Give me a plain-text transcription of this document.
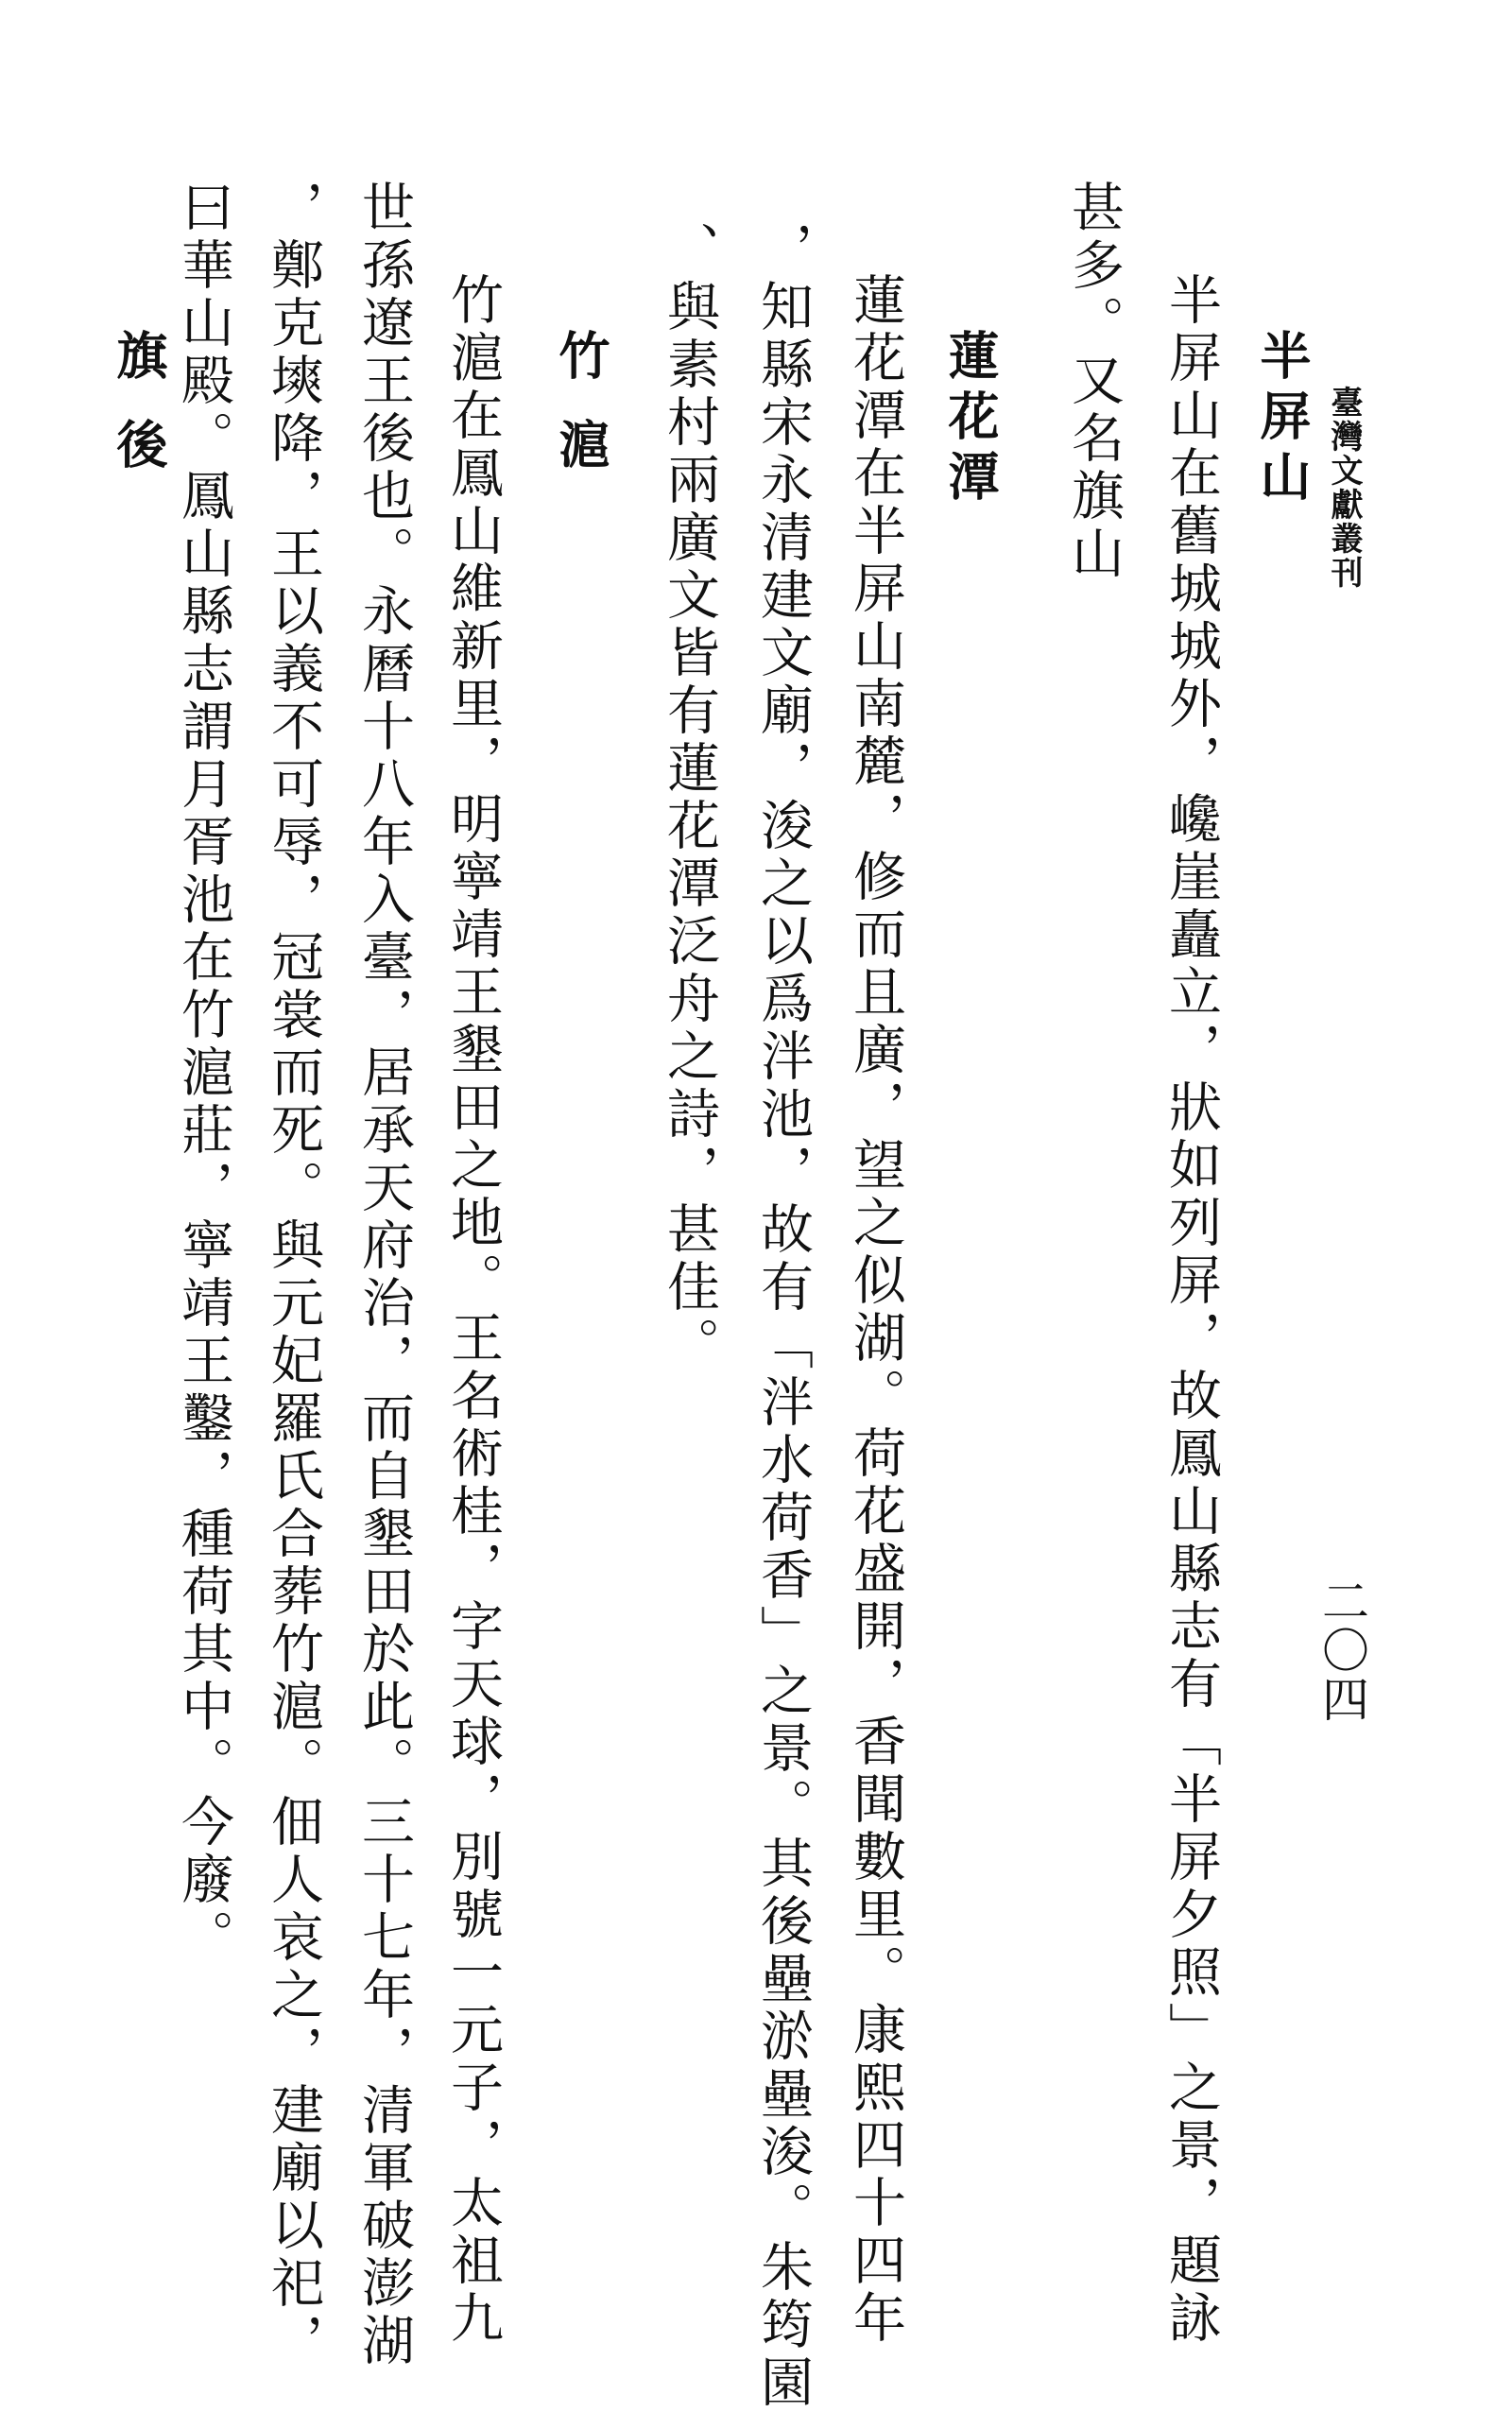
臺灣文獻叢刊
二〇四
半屏山
半屏山在舊城城外，巉崖矗立，狀如列屏，故鳳山縣志有「半屏夕照」之景，題詠
甚多。又名旗山
蓮花潭
蓮花潭在半屏山南麓，修而且廣，望之似湖。荷花盛開，香聞數里。康熙四十四年
，知縣宋永清建文廟，浚之以爲泮池，故有「泮水荷香」之景。其後壘淤壘浚。朱筠園
、與素村兩廣文皆有蓮花潭泛舟之詩，甚佳。
竹滬
竹滬在鳳山維新里，明寧靖王墾田之地。王名術桂，字天球，別號一元子，太祖九
世孫遼王後也。永曆十八年入臺，居承天府治，而自墾田於此。三十七年，清軍破澎湖
，鄭克塽降，王以義不可辱，冠裳而死。與元妃羅氏合葬竹滬。佃人哀之，建廟以祀，
曰華山殿。鳳山縣志謂月胥池在竹滬莊，寧靖王鑿，種荷其中。今廢。
旗後
